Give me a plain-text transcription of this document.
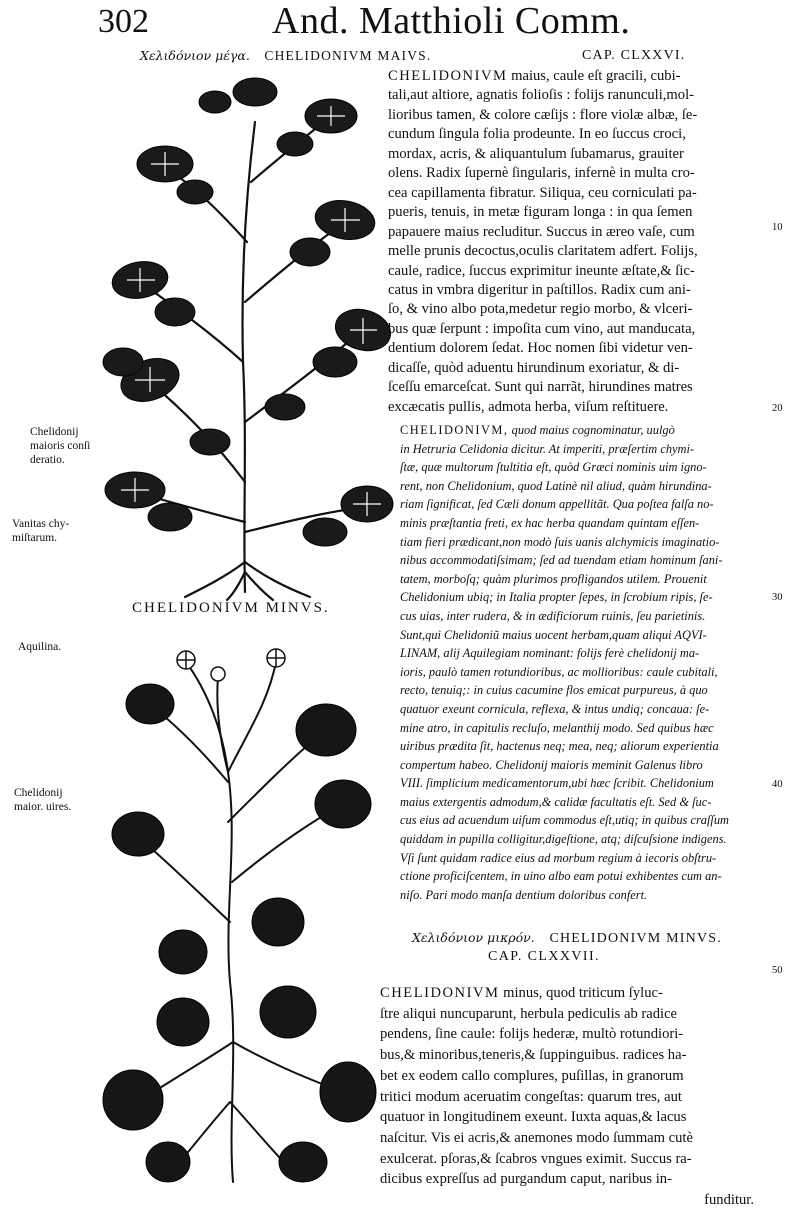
302	And. Matthioli Comm.
Χελιδόνιον μέγα. CHELIDONIVM MAIVS.	CAP. CLXXVI.
CHELIDONIVM MINVS.
CHELIDONIVM maius, caule eſt gracili, cubi-
tali,aut altiore, agnatis folioſis : folijs ranunculi,mol-
lioribus tamen, & colore cæſijs : flore violæ albæ, ſe-
cundum ſingula folia prodeunte. In eo ſuccus croci,
mordax, acris, & aliquantulum ſubamarus, grauiter
olens. Radix ſupernè ſingularis, infernè in multa cro-
cea capillamenta fibratur. Siliqua, ceu corniculati pa-
pueris, tenuis, in metæ figuram longa : in qua ſemen
papauere maius recluditur. Succus in æreo vaſe, cum
melle prunis decoctus,oculis claritatem adfert. Folijs,
caule, radice, ſuccus exprimitur ineunte æſtate,& ſic-
catus in vmbra digeritur in paſtillos. Radix cum ani-
ſo, & vino albo pota,medetur regio morbo, & vlceri-
bus quæ ſerpunt : impoſita cum vino, aut manducata,
dentium dolorem ſedat. Hoc nomen ſibi videtur ven-
dicaſſe, quòd aduentu hirundinum exoriatur, & di-
ſceſſu emarceſcat. Sunt qui narrãt, hirundines matres
excæcatis pullis, admota herba, viſum reſtituere.
CHELIDONIVM, quod maius cognominatur, uulgò
in Hetruria Celidonia dicitur. At imperiti, præſertim chymi-
ſtæ, quæ multorum ſtultitia eſt, quòd Græci nominis uim igno-
rent, non Chelidonium, quod Latinè nil aliud, quàm hirundina-
riam ſignificat, ſed Cæli donum appellitãt. Qua poſtea falſa no-
minis præſtantia freti, ex hac herba quandam quintam eſſen-
tiam fieri prædicant,non modò ſuis uanis alchymicis imaginatio-
nibus accommodatiſsimam; ſed ad tuendam etiam hominum ſani-
tatem, morboſq; quàm plurimos profligandos utilem. Prouenit
Chelidonium ubiq; in Italia propter ſepes, in ſcrobium ripis, ſe-
cus uias, inter rudera, & in ædificiorum ruinis, ſeu parietinis.
Sunt,qui Chelidoniũ maius uocent herbam,quam aliqui AQVI-
LINAM, alij Aquilegiam nominant: folijs ferè chelidonij ma-
ioris, paulò tamen rotundioribus, ac mollioribus: caule cubitali,
recto, tenuiq;: in cuius cacumine flos emicat purpureus, à quo
quatuor exeunt cornicula, reflexa, & intus undiq; concaua: ſe-
mine atro, in capitulis recluſo, melanthij modo. Sed quibus hæc
uiribus prædita ſit, hactenus neq; mea, neq; aliorum experientia
compertum habeo. Chelidonij maioris meminit Galenus libro
VIII. ſimplicium medicamentorum,ubi hæc ſcribit. Chelidonium
maius extergentis admodum,& calidæ facultatis eſt. Sed & ſuc-
cus eius ad acuendum uiſum commodus eſt,utiq; in quibus craſſum
quiddam in pupilla colligitur,digeſtione, atq; diſcuſsione indigens.
Vſi ſunt quidam radice eius ad morbum regium à iecoris obſtru-
ctione proficiſcentem, in uino albo eam potui exhibentes cum an-
niſo. Pari modo manſa dentium doloribus confert.
Χελιδόνιον μικρόν. CHELIDONIVM MINVS.
CAP. CLXXVII.
CHELIDONIVM minus, quod triticum ſyluc-
ſtre aliqui nuncuparunt, herbula pediculis ab radice
pendens, ſine caule: folijs hederæ, multò rotundiori-
bus,& minoribus,teneris,& ſuppinguibus. radices ha-
bet ex eodem callo complures, puſillas, in granorum
tritici modum aceruatim congeſtas: quarum tres, aut
quatuor in longitudinem exeunt. Iuxta aquas,& lacus
naſcitur. Vis ei acris,& anemones modo ſummam cutè
exulcerat. pſoras,& ſcabros vngues eximit. Succus ra-
dicibus expreſſus ad purgandum caput, naribus in-
funditur.
Chelidonij
maioris conſi
deratio.
Vanitas chy-
miſtarum.
Aquilina.
Chelidonij
maior. uires.
10
20
30
40
50
